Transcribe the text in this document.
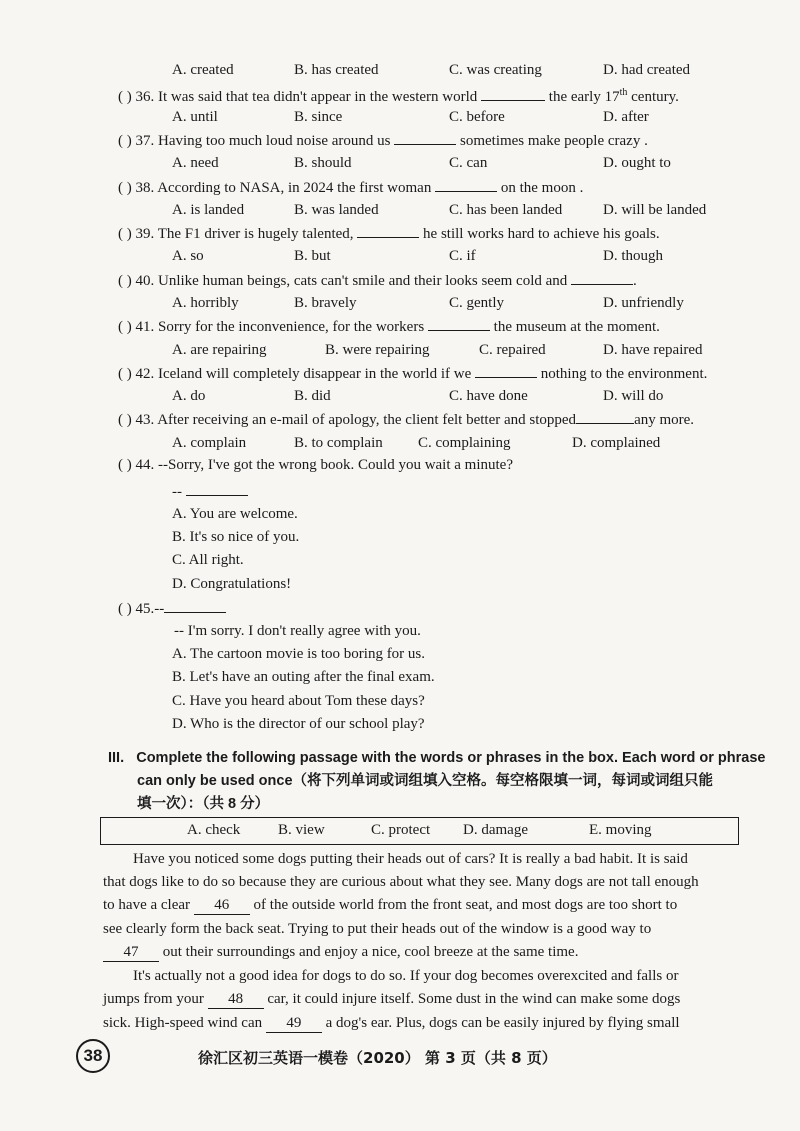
A. created	B. has created	C. was creating	D. had created
( ) 36. It was said that tea didn't appear in the western world	the early 17th century.
A. until	B. since	C. before	D. after
( ) 37. Having too much loud noise around us	sometimes make people crazy .
A. need	B. should	C. can	D. ought to
( ) 38. According to NASA, in 2024 the first woman	on the moon .
A. is landed	B. was landed	C. has been landed	D. will be landed
( ) 39. The F1 driver is hugely talented,	he still works hard to achieve his goals.
A. so	B. but	C. if	D. though
( ) 40. Unlike human beings, cats can't smile and their looks seem cold and	.
A. horribly	B. bravely	C. gently	D. unfriendly
( ) 41. Sorry for the inconvenience, for the workers	the museum at the moment.
A. are repairing	B. were repairing	C. repaired	D. have repaired
( ) 42. Iceland will completely disappear in the world if we	nothing to the environment.
A. do	B. did	C. have done	D. will do
( ) 43. After receiving an e-mail of apology, the client felt better and stopped	any more.
A. complain	B. to complain C. complaining	D. complained
( ) 44. --Sorry, I've got the wrong book. Could you wait a minute?
--
A. You are welcome.
B. It's so nice of you.
C. All right.
D. Congratulations!
( ) 45.--
-- I'm sorry. I don't really agree with you.
A. The cartoon movie is too boring for us.
B. Let's have an outing after the final exam.
C. Have you heard about Tom these days?
D. Who is the director of our school play?
III. Complete the following passage with the words or phrases in the box. Each word or phrase
can only be used once（将下列单词或词组填入空格。每空格限填一词，每词或词组只能
填一次）：（共 8 分）
A. check	B. view	C. protect D. damage	E. moving
Have you noticed some dogs putting their heads out of cars? It is really a bad habit. It is said
that dogs like to do so because they are curious about what they see. Many dogs are not tall enough
to have a clear 46 of the outside world from the front seat, and most dogs are too short to
see clearly form the back seat. Trying to put their heads out of the window is a good way to
47 out their surroundings and enjoy a nice, cool breeze at the same time.
It's actually not a good idea for dogs to do so. If your dog becomes overexcited and falls or
jumps from your 48 car, it could injure itself. Some dust in the wind can make some dogs
sick. High-speed wind can 49 a dog's ear. Plus, dogs can be easily injured by flying small
38	徐汇区初三英语一模卷（2020） 第 3 页（共 8 页）
